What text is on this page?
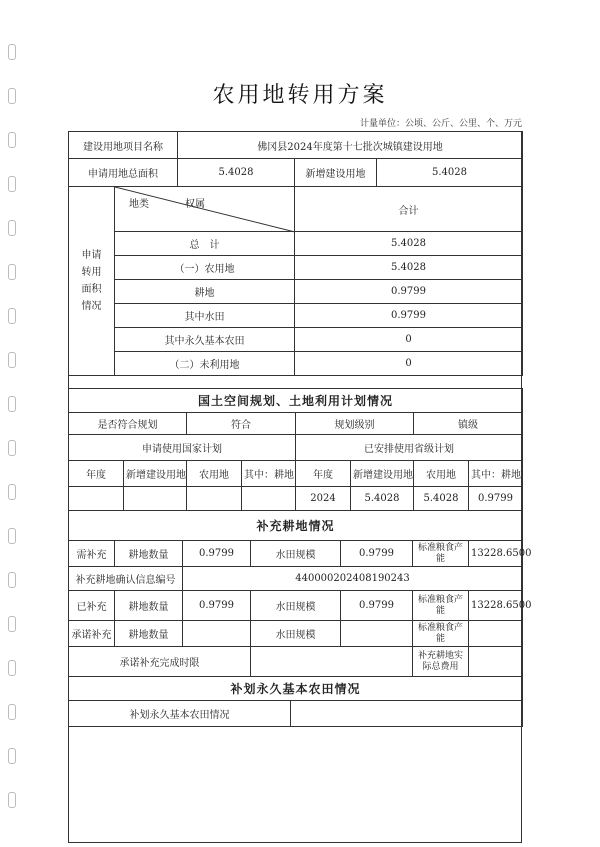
农用地转用方案
计量单位：公顷、公斤、公里、个、万元
建设用地项目名称		佛冈县2024年度第十七批次城镇建设用地			
申请用地总面积		5.4028	新增建设用地	5.4028	
申请转用面积情况	地类 权属		合计	
	总　计		5.4028	
	（一）农用地		5.4028	
	耕地		0.9799	
	其中水田		0.9799	
	其中永久基本农田		0	
	（二）未利用地		0	
国土空间规划、土地利用计划情况							
是否符合规划		符合		规划级别		镇级	
申请使用国家计划				已安排使用省级计划			
年度	新增建设用地	农用地	其中：耕地	年度	新增建设用地	农用地	其中：耕地
				2024	5.4028	5.4028	0.9799
补充耕地情况						
需补充	耕地数量	0.9799	水田规模	0.9799	标准粮食产能	13228.6500
补充耕地确认信息编号		440000202408190243				
已补充	耕地数量	0.9799	水田规模	0.9799	标准粮食产能	13228.6500
承诺补充	耕地数量		水田规模		标准粮食产能	
承诺补充完成时限					补充耕地实际总费用	
补划永久基本农田情况
补划永久基本农田情况	
